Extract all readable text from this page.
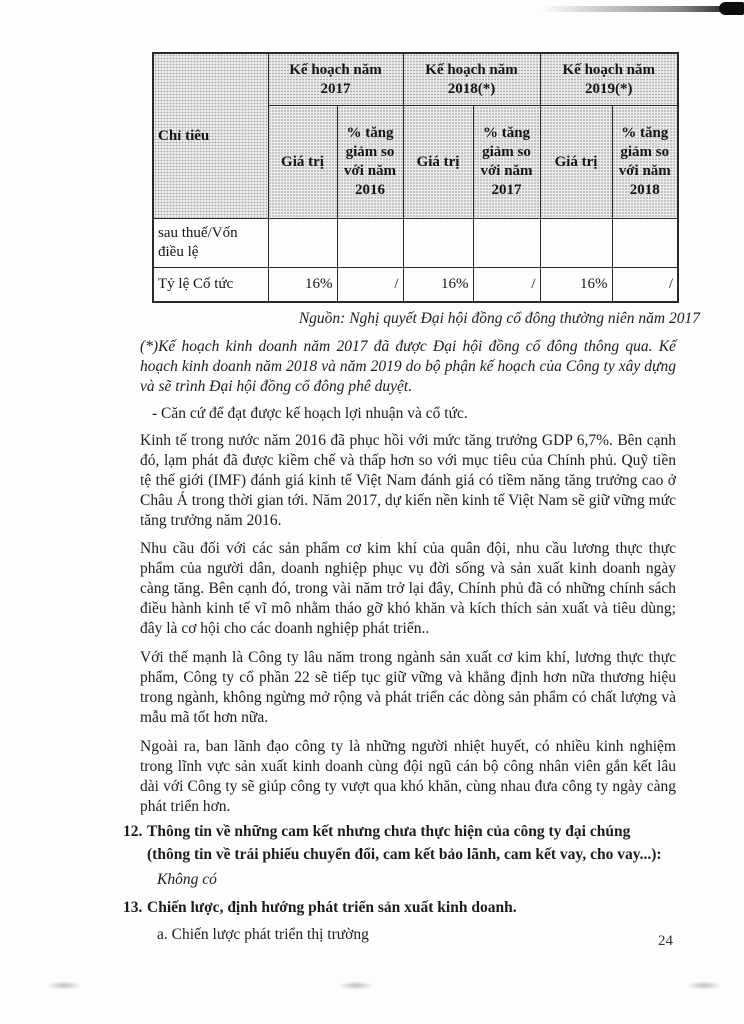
Chỉ tiêu	Kế hoạch năm 2017		Kế hoạch năm 2018(*)		Kế hoạch năm 2019(*)	
	Giá trị	% tăng giảm so với năm 2016	Giá trị	% tăng giảm so với năm 2017	Giá trị	% tăng giảm so với năm 2018
sau thuế/Vốn điều lệ						
Tỷ lệ Cổ tức	16%	/	16%	/	16%	/
Nguồn: Nghị quyết Đại hội đồng cổ đông thường niên năm 2017
(*)Kế hoạch kinh doanh năm 2017 đã được Đại hội đồng cổ đông thông qua. Kế hoạch kinh doanh năm 2018 và năm 2019 do bộ phận kế hoạch của Công ty xây dựng và sẽ trình Đại hội đồng cổ đông phê duyệt.
- Căn cứ để đạt được kế hoạch lợi nhuận và cổ tức.
Kinh tế trong nước năm 2016 đã phục hồi với mức tăng trưởng GDP 6,7%. Bên cạnh đó, lạm phát đã được kiềm chế và thấp hơn so với mục tiêu của Chính phủ. Quỹ tiền tệ thế giới (IMF) đánh giá kinh tế Việt Nam đánh giá có tiềm năng tăng trưởng cao ở Châu Á trong thời gian tới. Năm 2017, dự kiến nền kinh tế Việt Nam sẽ giữ vững mức tăng trưởng năm 2016.
Nhu cầu đối với các sản phẩm cơ kim khí của quân đội, nhu cầu lương thực thực phẩm của người dân, doanh nghiệp phục vụ đời sống và sản xuất kinh doanh ngày càng tăng. Bên cạnh đó, trong vài năm trở lại đây, Chính phủ đã có những chính sách điều hành kinh tế vĩ mô nhằm tháo gỡ khó khăn và kích thích sản xuất và tiêu dùng; đây là cơ hội cho các doanh nghiệp phát triển..
Với thế mạnh là Công ty lâu năm trong ngành sản xuất cơ kim khí, lương thực thực phẩm, Công ty cổ phần 22 sẽ tiếp tục giữ vững và khẳng định hơn nữa thương hiệu trong ngành, không ngừng mở rộng và phát triển các dòng sản phẩm có chất lượng và mẫu mã tốt hơn nữa.
Ngoài ra, ban lãnh đạo công ty là những người nhiệt huyết, có nhiều kinh nghiệm trong lĩnh vực sản xuất kinh doanh cùng đội ngũ cán bộ công nhân viên gắn kết lâu dài với Công ty sẽ giúp công ty vượt qua khó khăn, cùng nhau đưa công ty ngày càng phát triển hơn.
12. Thông tin về những cam kết nhưng chưa thực hiện của công ty đại chúng
(thông tin về trái phiếu chuyển đổi, cam kết bảo lãnh, cam kết vay, cho vay...):
Không có
13. Chiến lược, định hướng phát triển sản xuất kinh doanh.
a. Chiến lược phát triển thị trường	24
